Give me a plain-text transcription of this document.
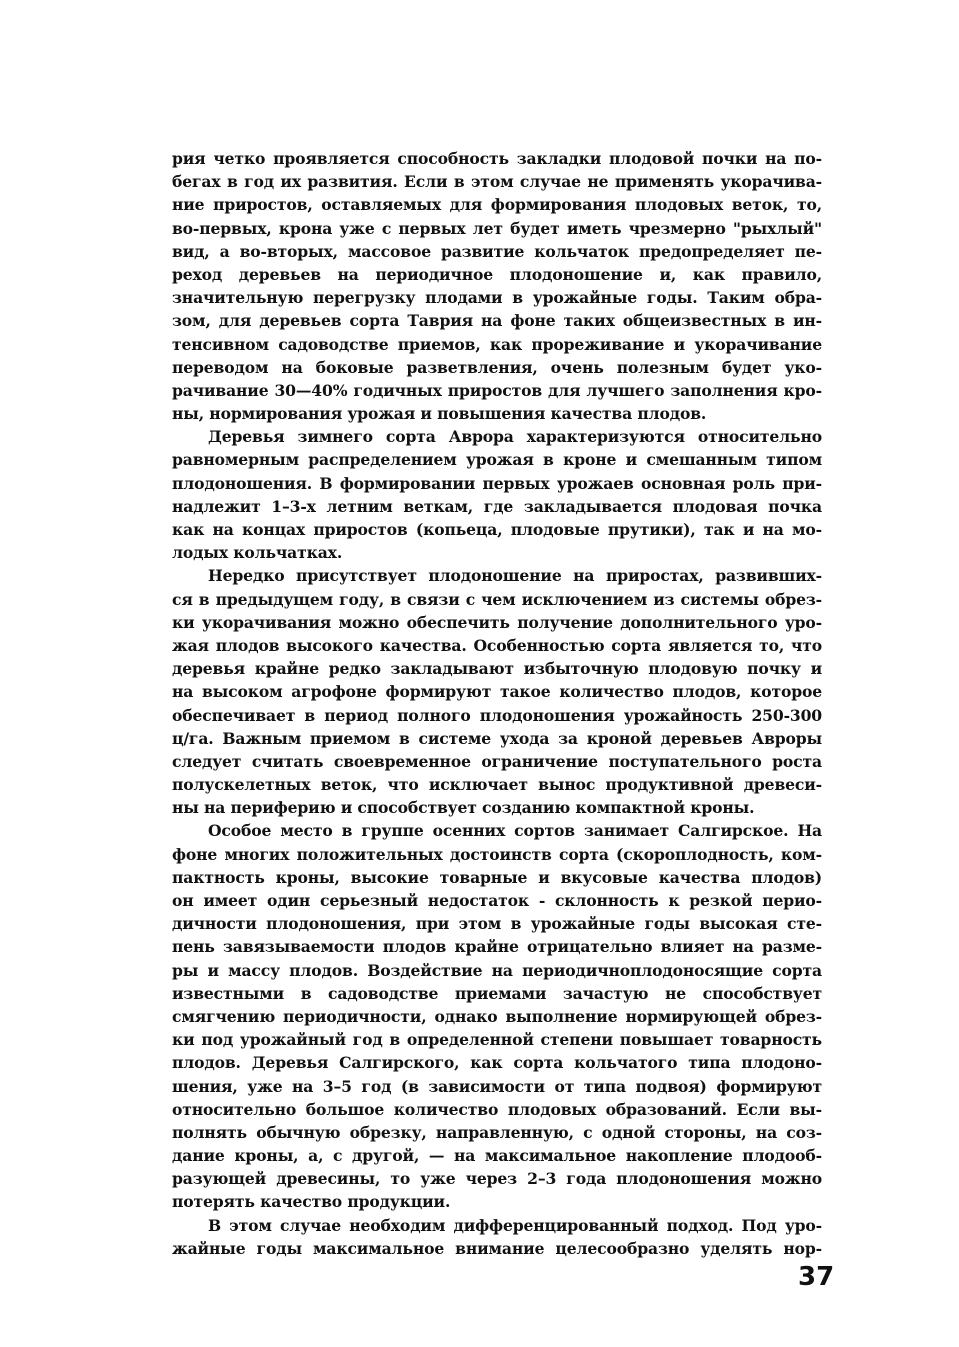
рия четко проявляется способность закладки плодовой почки на по-
бегах в год их развития. Если в этом случае не применять укорачива-
ние приростов, оставляемых для формирования плодовых веток, то,
во-первых, крона уже с первых лет будет иметь чрезмерно "рыхлый"
вид, а во-вторых, массовое развитие кольчаток предопределяет пе-
реход деревьев на периодичное плодоношение и, как правило,
значительную перегрузку плодами в урожайные годы. Таким обра-
зом, для деревьев сорта Таврия на фоне таких общеизвестных в ин-
тенсивном садоводстве приемов, как прореживание и укорачивание
переводом на боковые разветвления, очень полезным будет уко-
рачивание 30—40% годичных приростов для лучшего заполнения кро-
ны, нормирования урожая и повышения качества плодов.
Деревья зимнего сорта Аврора характеризуются относительно
равномерным распределением урожая в кроне и смешанным типом
плодоношения. В формировании первых урожаев основная роль при-
надлежит 1–3-х летним веткам, где закладывается плодовая почка
как на концах приростов (копьеца, плодовые прутики), так и на мо-
лодых кольчатках.
Нередко присутствует плодоношение на приростах, развивших-
ся в предыдущем году, в связи с чем исключением из системы обрез-
ки укорачивания можно обеспечить получение дополнительного уро-
жая плодов высокого качества. Особенностью сорта является то, что
деревья крайне редко закладывают избыточную плодовую почку и
на высоком агрофоне формируют такое количество плодов, которое
обеспечивает в период полного плодоношения урожайность 250-300
ц/га. Важным приемом в системе ухода за кроной деревьев Авроры
следует считать своевременное ограничение поступательного роста
полускелетных веток, что исключает вынос продуктивной древеси-
ны на периферию и способствует созданию компактной кроны.
Особое место в группе осенних сортов занимает Салгирское. На
фоне многих положительных достоинств сорта (скороплодность, ком-
пактность кроны, высокие товарные и вкусовые качества плодов)
он имеет один серьезный недостаток - склонность к резкой перио-
дичности плодоношения, при этом в урожайные годы высокая сте-
пень завязываемости плодов крайне отрицательно влияет на разме-
ры и массу плодов. Воздействие на периодичноплодоносящие сорта
известными в садоводстве приемами зачастую не способствует
смягчению периодичности, однако выполнение нормирующей обрез-
ки под урожайный год в определенной степени повышает товарность
плодов. Деревья Салгирского, как сорта кольчатого типа плодоно-
шения, уже на 3–5 год (в зависимости от типа подвоя) формируют
относительно большое количество плодовых образований. Если вы-
полнять обычную обрезку, направленную, с одной стороны, на соз-
дание кроны, а, с другой, — на максимальное накопление плодооб-
разующей древесины, то уже через 2–3 года плодоношения можно
потерять качество продукции.
В этом случае необходим дифференцированный подход. Под уро-
жайные годы максимальное внимание целесообразно уделять нор-
37
